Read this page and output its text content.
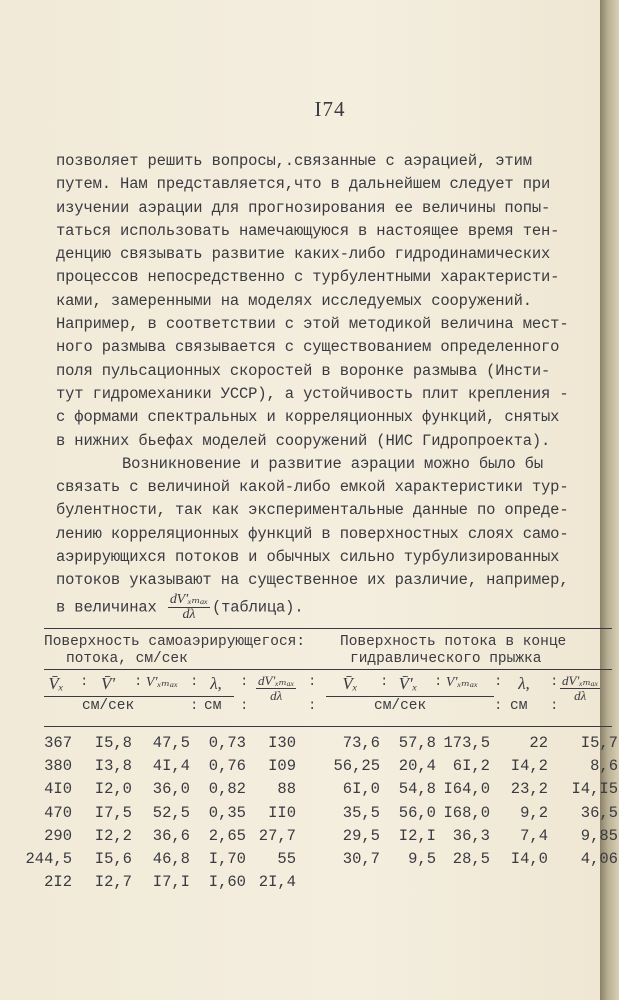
I74
позволяет решить вопросы,.связанные с аэрацией, этим
путем. Нам представляется,что в дальнейшем следует при
изучении аэрации для прогнозирования ее величины попы-
таться использовать намечающуюся в настоящее время тен-
денцию связывать развитие каких-либо гидродинамических
процессов непосредственно с турбулентными характеристи-
ками, замеренными на моделях исследуемых сооружений.
Например, в соответствии с этой методикой величина мест-
ного размыва связывается с существованием определенного
поля пульсационных скоростей в воронке размыва (Инсти-
тут гидромеханики УССР), а устойчивость плит крепления -
с формами спектральных и корреляционных функций, снятых
в нижних бьефах моделей сооружений (НИС Гидропроекта).
Возникновение и развитие аэрации можно было бы
связать с величиной какой-либо емкой характеристики тур-
булентности, так как экспериментальные данные по опреде-
лению корреляционных функций в поверхностных слоях само-
аэрирующихся потоков и обычных сильно турбулизированных
потоков указывают на существенное их различие, например,
в величинах $\frac{\text{dV'ₓₘₐₓ}}{d\lambda}$ (таблица).
Поверхность самоаэрирующегося:
потока, см/сек
Поверхность потока в конце
гидравлического прыжка
V̄ₓ	V̄'	V'ₓₘₐₓ	λ,	$\frac{\text{dV'ₓₘₐₓ}}{d\lambda}$	V̄ₓ	V̄'ₓ	V'ₓₘₐₓ	λ,	$\frac{\text{dV'ₓₘₐₓ}}{d\lambda}$
:	:	:	:	:	:	:	:	:
см/сек	: см :	:	см/сек	: см :
367 I5,8 47,5 0,73 I30	73,6 57,8 173,5	22 I5,7
380 I3,8 4I,4 0,76 I09 56,25 20,4 6I,2 I4,2	8,6
4I0 I2,0 36,0 0,82 88	6I,0 54,8 I64,0 23,2 I4,I5
470 I7,5 52,5 0,35 II0	35,5 56,0 I68,0 9,2 36,5
290 I2,2 36,6 2,65 27,7	29,5 I2,I 36,3 7,4 9,85
244,5 I5,6 46,8 I,70 55	30,7 9,5 28,5 I4,0 4,06
2I2 I2,7 I7,I I,60 2I,4
